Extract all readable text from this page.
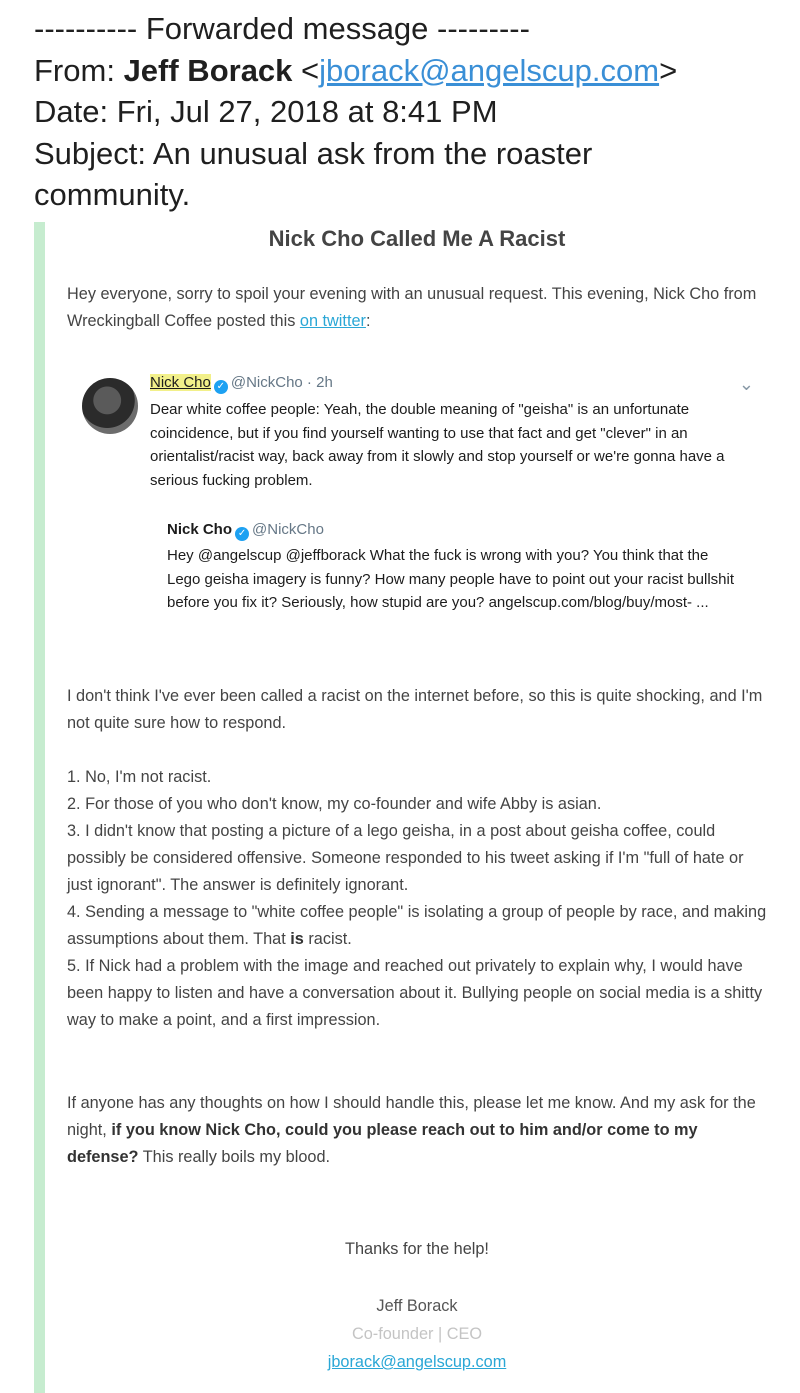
---------- Forwarded message ---------
From: Jeff Borack <jborack@angelscup.com>
Date: Fri, Jul 27, 2018 at 8:41 PM
Subject: An unusual ask from the roaster
community.
Nick Cho Called Me A Racist
Hey everyone, sorry to spoil your evening with an unusual request. This evening, Nick Cho from Wreckingball Coffee posted this on twitter:
Nick Cho ✓ @NickCho · 2h	⌄
Dear white coffee people: Yeah, the double meaning of "geisha" is an unfortunate coincidence, but if you find yourself wanting to use that fact and get "clever" in an orientalist/racist way, back away from it slowly and stop yourself or we're gonna have a serious fucking problem.
Nick Cho ✓ @NickCho
Hey @angelscup @jeffborack What the fuck is wrong with you? You think that the Lego geisha imagery is funny? How many people have to point out your racist bullshit before you fix it? Seriously, how stupid are you? angelscup.com/blog/buy/most- ...
I don't think I've ever been called a racist on the internet before, so this is quite shocking, and I'm not quite sure how to respond.
1. No, I'm not racist.
2. For those of you who don't know, my co-founder and wife Abby is asian.
3. I didn't know that posting a picture of a lego geisha, in a post about geisha coffee, could possibly be considered offensive. Someone responded to his tweet asking if I'm "full of hate or just ignorant". The answer is definitely ignorant.
4. Sending a message to "white coffee people" is isolating a group of people by race, and making assumptions about them. That is racist.
5. If Nick had a problem with the image and reached out privately to explain why, I would have been happy to listen and have a conversation about it. Bullying people on social media is a shitty way to make a point, and a first impression.
If anyone has any thoughts on how I should handle this, please let me know. And my ask for the night, if you know Nick Cho, could you please reach out to him and/or come to my defense? This really boils my blood.
Thanks for the help!
Jeff Borack
Co-founder | CEO
jborack@angelscup.com
